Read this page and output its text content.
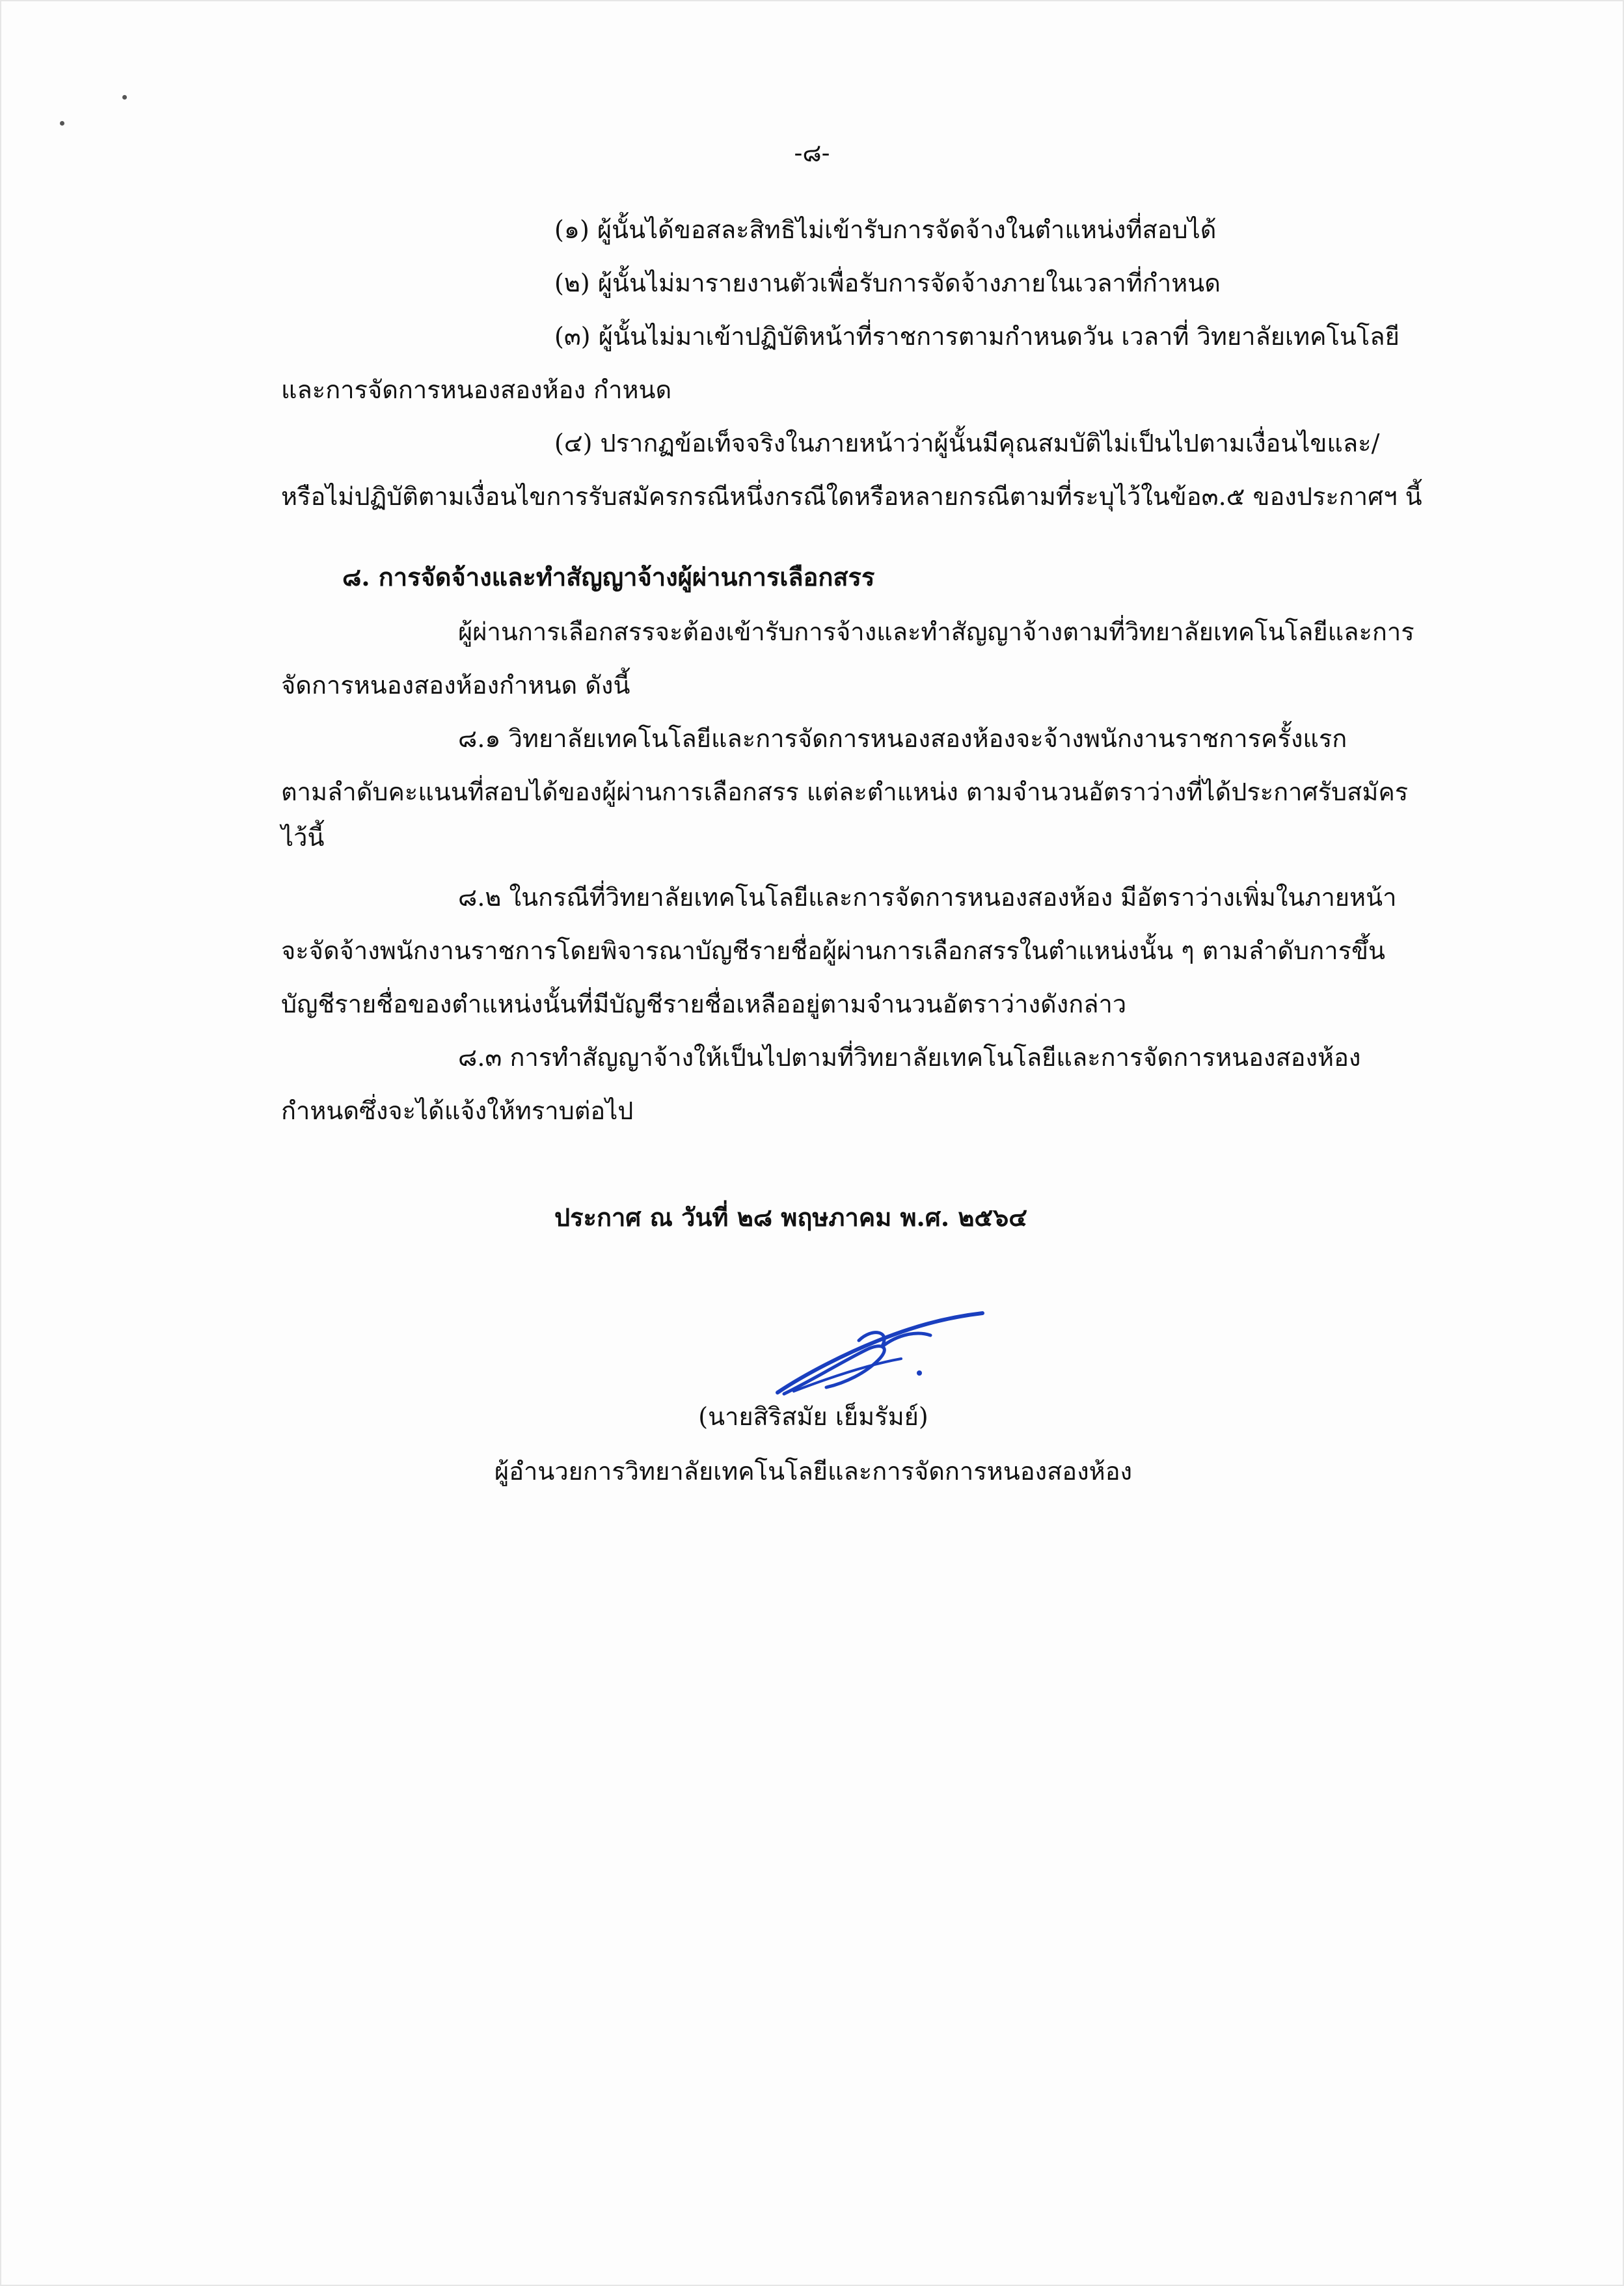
-๘-
(๑) ผู้นั้นได้ขอสละสิทธิไม่เข้ารับการจัดจ้างในตำแหน่งที่สอบได้
(๒) ผู้นั้นไม่มารายงานตัวเพื่อรับการจัดจ้างภายในเวลาที่กำหนด
(๓) ผู้นั้นไม่มาเข้าปฏิบัติหน้าที่ราชการตามกำหนดวัน เวลาที่ วิทยาลัยเทคโนโลยี
และการจัดการหนองสองห้อง กำหนด
(๔) ปรากฏข้อเท็จจริงในภายหน้าว่าผู้นั้นมีคุณสมบัติไม่เป็นไปตามเงื่อนไขและ/
หรือไม่ปฏิบัติตามเงื่อนไขการรับสมัครกรณีหนึ่งกรณีใดหรือหลายกรณีตามที่ระบุไว้ในข้อ๓.๕ ของประกาศฯ นี้
๘. การจัดจ้างและทำสัญญาจ้างผู้ผ่านการเลือกสรร
ผู้ผ่านการเลือกสรรจะต้องเข้ารับการจ้างและทำสัญญาจ้างตามที่วิทยาลัยเทคโนโลยีและการ
จัดการหนองสองห้องกำหนด ดังนี้
๘.๑ วิทยาลัยเทคโนโลยีและการจัดการหนองสองห้องจะจ้างพนักงานราชการครั้งแรก
ตามลำดับคะแนนที่สอบได้ของผู้ผ่านการเลือกสรร แต่ละตำแหน่ง ตามจำนวนอัตราว่างที่ได้ประกาศรับสมัคร
ไว้นี้
๘.๒ ในกรณีที่วิทยาลัยเทคโนโลยีและการจัดการหนองสองห้อง มีอัตราว่างเพิ่มในภายหน้า
จะจัดจ้างพนักงานราชการโดยพิจารณาบัญชีรายชื่อผู้ผ่านการเลือกสรรในตำแหน่งนั้น ๆ ตามลำดับการขึ้น
บัญชีรายชื่อของตำแหน่งนั้นที่มีบัญชีรายชื่อเหลืออยู่ตามจำนวนอัตราว่างดังกล่าว
๘.๓ การทำสัญญาจ้างให้เป็นไปตามที่วิทยาลัยเทคโนโลยีและการจัดการหนองสองห้อง
กำหนดซึ่งจะได้แจ้งให้ทราบต่อไป
ประกาศ ณ วันที่ ๒๘ พฤษภาคม พ.ศ. ๒๕๖๔
(นายสิริสมัย เย็มรัมย์)
ผู้อำนวยการวิทยาลัยเทคโนโลยีและการจัดการหนองสองห้อง
